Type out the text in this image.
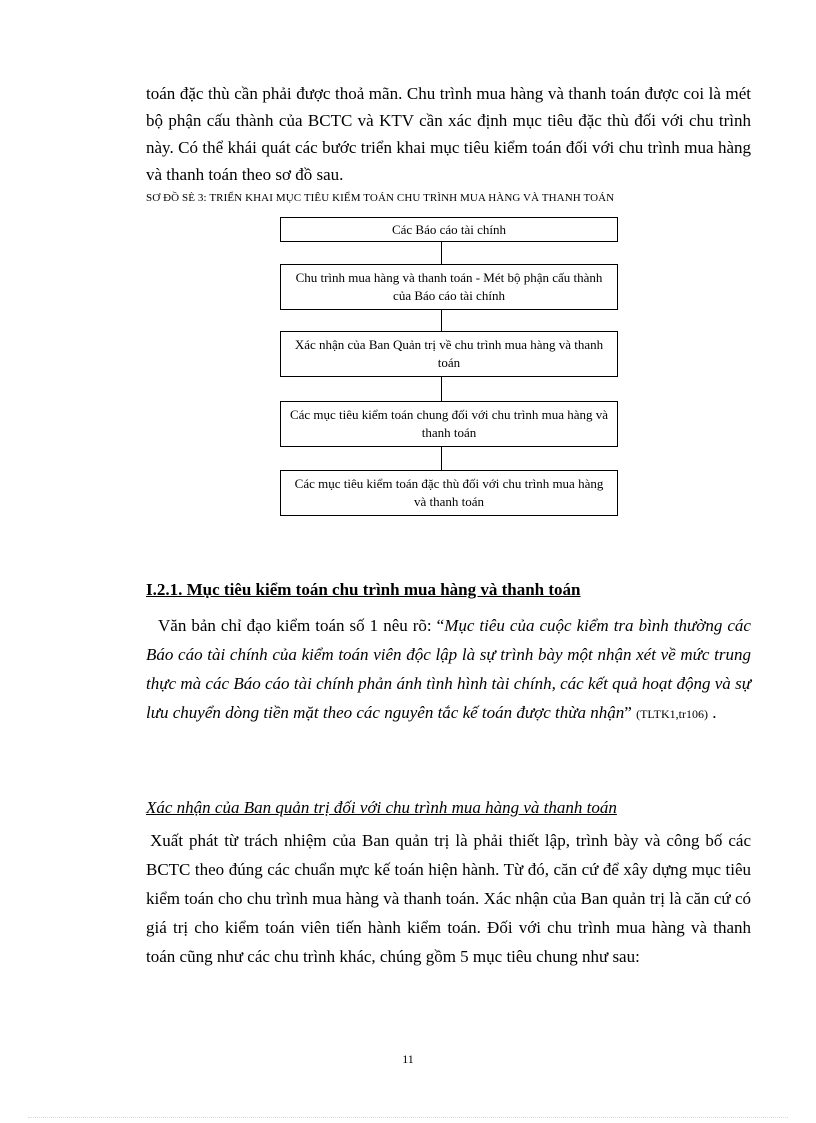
toán đặc thù cần phải được thoả mãn. Chu trình mua hàng và thanh toán được coi là mét bộ phận cấu thành của BCTC và KTV cần xác định mục tiêu đặc thù đối với chu trình này. Có thể khái quát các bước triển khai mục tiêu kiểm toán đối với chu trình mua hàng và thanh toán theo sơ đồ sau.

SƠ ĐỒ SÈ 3: TRIỂN KHAI MỤC TIÊU KIỂM TOÁN CHU TRÌNH MUA HÀNG VÀ THANH TOÁN
Các Báo cáo tài chính
Chu trình mua hàng và thanh toán - Mét bộ phận cấu thành của Báo cáo tài chính
Xác nhận của Ban Quản trị về chu trình mua hàng và thanh toán
Các mục tiêu kiểm toán chung đối với chu trình mua hàng và thanh toán
Các mục tiêu kiểm toán đặc thù đối với chu trình mua hàng và thanh toán
I.2.1. Mục tiêu kiểm toán chu trình mua hàng và thanh toán

Văn bản chỉ đạo kiểm toán số 1 nêu rõ: “Mục tiêu của cuộc kiểm tra bình thường các Báo cáo tài chính của kiểm toán viên độc lập là sự trình bày một nhận xét về mức trung thực mà các Báo cáo tài chính phản ánh tình hình tài chính, các kết quả hoạt động và sự lưu chuyển dòng tiền mặt theo các nguyên tắc kế toán được thừa nhận” (TLTK1,tr106) .

Xác nhận của Ban quản trị đối với chu trình mua hàng và thanh toán

Xuất phát từ trách nhiệm của Ban quản trị là phải thiết lập, trình bày và công bố các BCTC theo đúng các chuẩn mực kế toán hiện hành. Từ đó, căn cứ để xây dựng mục tiêu kiểm toán cho chu trình mua hàng và thanh toán. Xác nhận của Ban quản trị là căn cứ có giá trị cho kiểm toán viên tiến hành kiểm toán. Đối với chu trình mua hàng và thanh toán cũng như các chu trình khác, chúng gồm 5 mục tiêu chung như sau:

11
